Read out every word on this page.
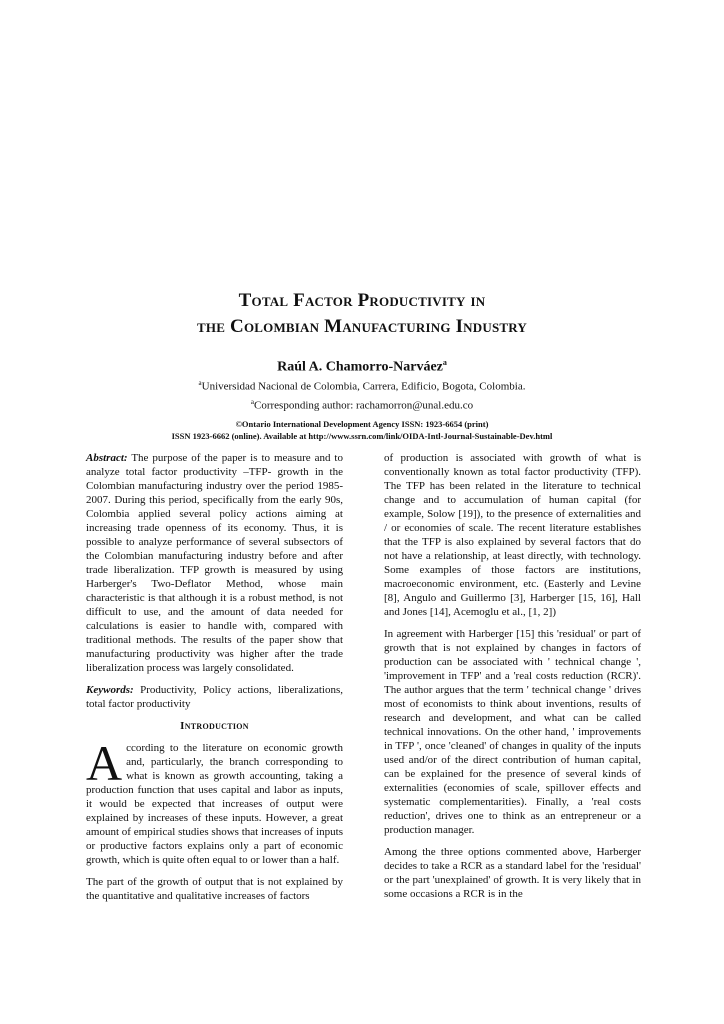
Total Factor Productivity in
the Colombian Manufacturing Industry
Raúl A. Chamorro-Narváez$^a$
$^a$Universidad Nacional de Colombia, Carrera, Edificio, Bogota, Colombia.
$^a$Corresponding author: rachamorron@unal.edu.co
©Ontario International Development Agency ISSN: 1923-6654 (print)
ISSN 1923-6662 (online). Available at http://www.ssrn.com/link/OIDA-Intl-Journal-Sustainable-Dev.html

Abstract: The purpose of the paper is to measure and to analyze total factor productivity –TFP- growth in the Colombian manufacturing industry over the period 1985-2007. During this period, specifically from the early 90s, Colombia applied several policy actions aiming at increasing trade openness of its economy. Thus, it is possible to analyze performance of several subsectors of the Colombian manufacturing industry before and after trade liberalization. TFP growth is measured by using Harberger's Two-Deflator Method, whose main characteristic is that although it is a robust method, is not difficult to use, and the amount of data needed for calculations is easier to handle with, compared with traditional methods. The results of the paper show that manufacturing productivity was higher after the trade liberalization process was largely consolidated.

Keywords: Productivity, Policy actions, liberalizations, total factor productivity

Introduction

According to the literature on economic growth and, particularly, the branch corresponding to what is known as growth accounting, taking a production function that uses capital and labor as inputs, it would be expected that increases of output were explained by increases of these inputs. However, a great amount of empirical studies shows that increases of inputs or productive factors explains only a part of economic growth, which is quite often equal to or lower than a half.

The part of the growth of output that is not explained by the quantitative and qualitative increases of factors

of production is associated with growth of what is conventionally known as total factor productivity (TFP). The TFP has been related in the literature to technical change and to accumulation of human capital (for example, Solow [19]), to the presence of externalities and / or economies of scale. The recent literature establishes that the TFP is also explained by several factors that do not have a relationship, at least directly, with technology. Some examples of those factors are institutions, macroeconomic environment, etc. (Easterly and Levine [8], Angulo and Guillermo [3], Harberger [15, 16], Hall and Jones [14], Acemoglu et al., [1, 2])

In agreement with Harberger [15] this 'residual' or part of growth that is not explained by changes in factors of production can be associated with ' technical change ', 'improvement in TFP' and a 'real costs reduction (RCR)'. The author argues that the term ' technical change ' drives most of economists to think about inventions, results of research and development, and what can be called technical innovations. On the other hand, ' improvements in TFP ', once 'cleaned' of changes in quality of the inputs used and/or of the direct contribution of human capital, can be explained for the presence of several kinds of externalities (economies of scale, spillover effects and systematic complementarities). Finally, a 'real costs reduction', drives one to think as an entrepreneur or a production manager.

Among the three options commented above, Harberger decides to take a RCR as a standard label for the 'residual' or the part 'unexplained' of growth. It is very likely that in some occasions a RCR is in the
